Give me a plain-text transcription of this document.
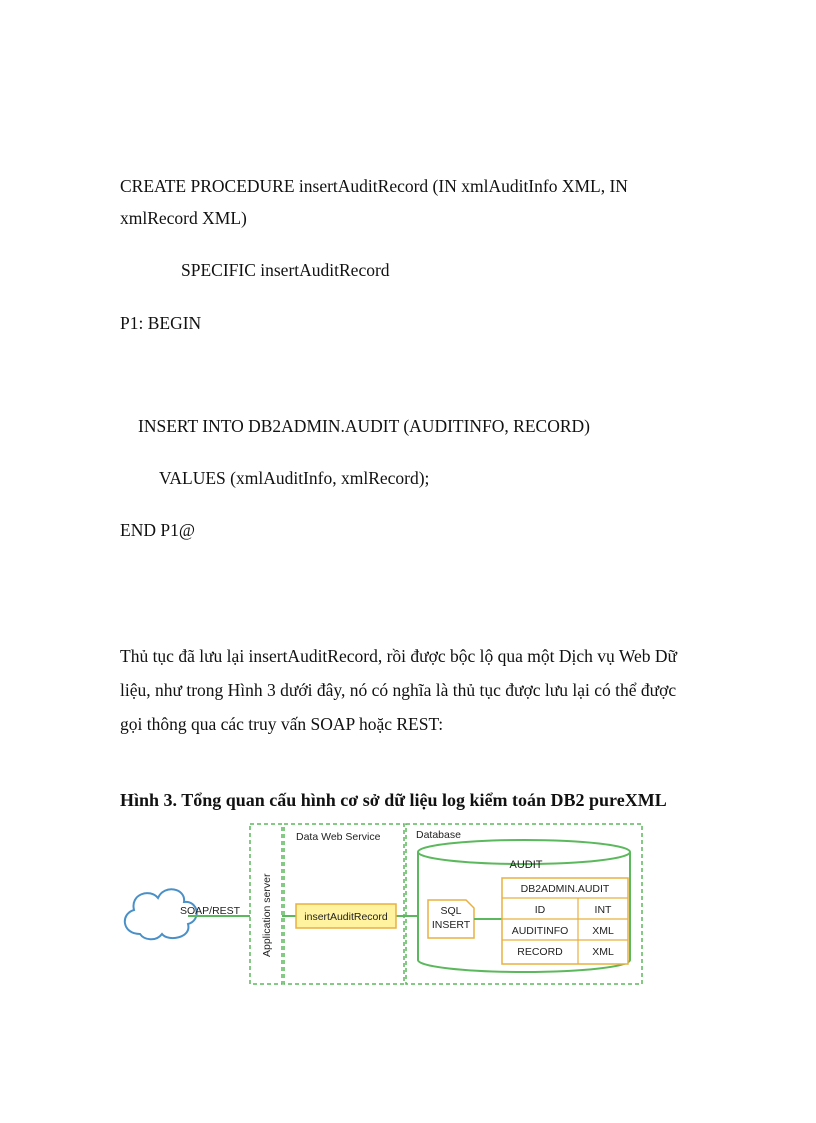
CREATE PROCEDURE insertAuditRecord (IN xmlAuditInfo XML, IN
xmlRecord XML)
SPECIFIC insertAuditRecord
P1: BEGIN
INSERT INTO DB2ADMIN.AUDIT (AUDITINFO, RECORD)
VALUES (xmlAuditInfo, xmlRecord);
END P1@
Thủ tục đã lưu lại insertAuditRecord, rồi được bộc lộ qua một Dịch vụ Web Dữ
liệu, như trong Hình 3 dưới đây, nó có nghĩa là thủ tục được lưu lại có thể được
gọi thông qua các truy vấn SOAP hoặc REST:
Hình 3. Tổng quan cấu hình cơ sở dữ liệu log kiểm toán DB2 pureXML
Application server
Data Web Service	Database
SOAP/REST	insertAuditRecord
AUDIT
SQL
INSERT
DB2ADMIN.AUDIT
ID	INT
AUDITINFO XML
RECORD	XML
